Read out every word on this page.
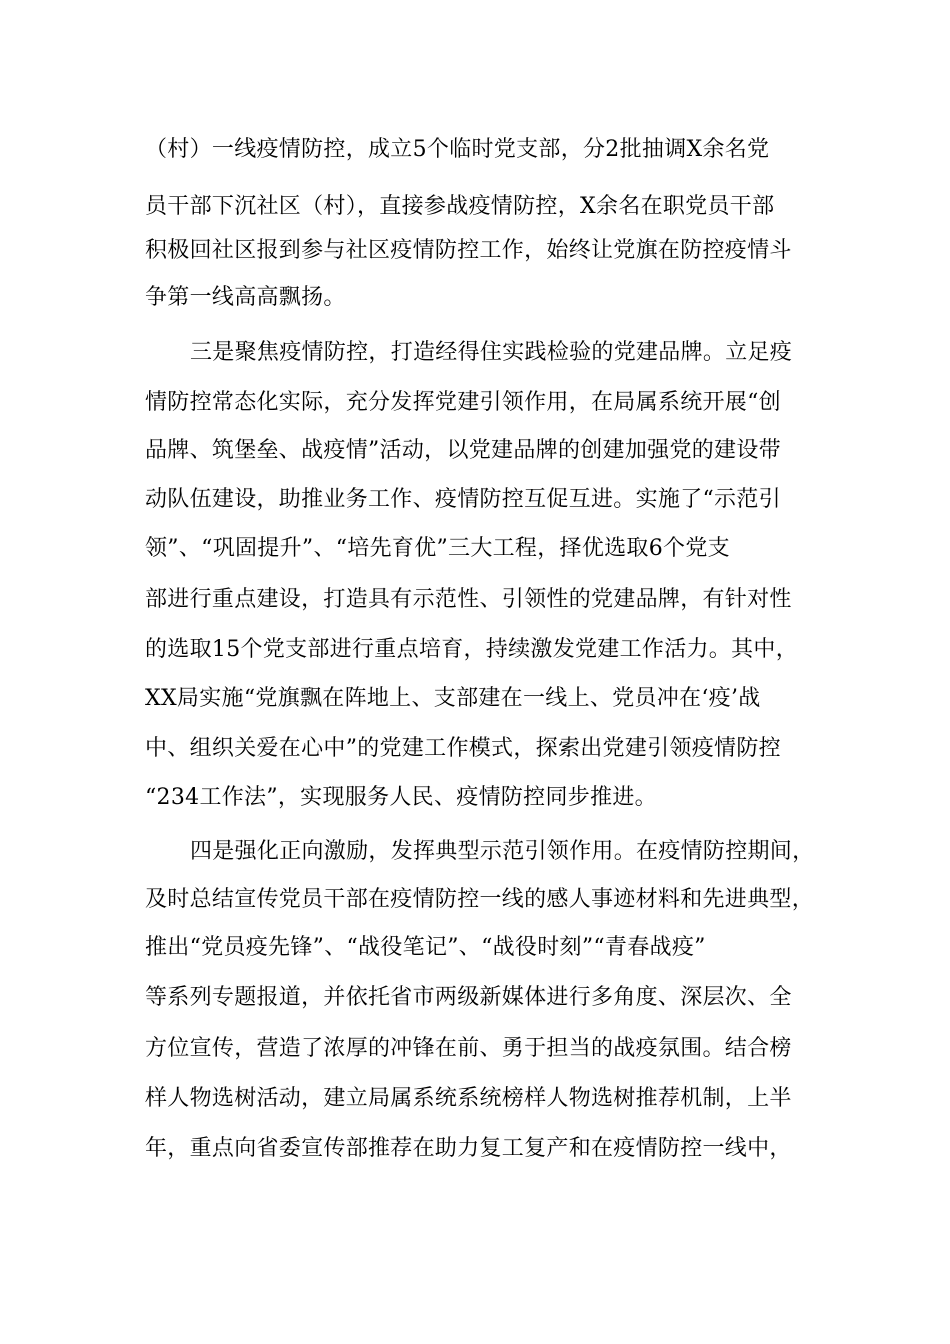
（村）一线疫情防控，成立5个临时党支部，分2批抽调X余名党
员干部下沉社区（村），直接参战疫情防控，X余名在职党员干部
积极回社区报到参与社区疫情防控工作，始终让党旗在防控疫情斗
争第一线高高飘扬。
三是聚焦疫情防控，打造经得住实践检验的党建品牌。立足疫
情防控常态化实际，充分发挥党建引领作用，在局属系统开展“创
品牌、筑堡垒、战疫情”活动，以党建品牌的创建加强党的建设带
动队伍建设，助推业务工作、疫情防控互促互进。实施了“示范引
领”、“巩固提升”、“培先育优”三大工程，择优选取6个党支
部进行重点建设，打造具有示范性、引领性的党建品牌，有针对性
的选取15个党支部进行重点培育，持续激发党建工作活力。其中，
XX局实施“党旗飘在阵地上、支部建在一线上、党员冲在‘疫’战
中、组织关爱在心中”的党建工作模式，探索出党建引领疫情防控
“234工作法”，实现服务人民、疫情防控同步推进。
四是强化正向激励，发挥典型示范引领作用。在疫情防控期间，
及时总结宣传党员干部在疫情防控一线的感人事迹材料和先进典型，
推出“党员疫先锋”、“战役笔记”、“战役时刻”“青春战疫”
等系列专题报道，并依托省市两级新媒体进行多角度、深层次、全
方位宣传，营造了浓厚的冲锋在前、勇于担当的战疫氛围。结合榜
样人物选树活动，建立局属系统系统榜样人物选树推荐机制，上半
年，重点向省委宣传部推荐在助力复工复产和在疫情防控一线中，
